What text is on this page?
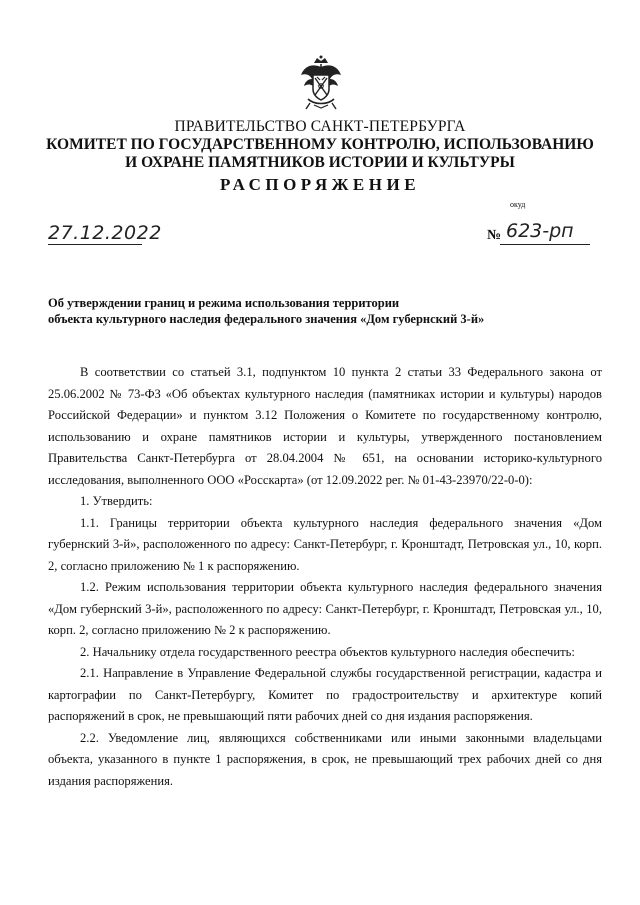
ПРАВИТЕЛЬСТВО САНКТ-ПЕТЕРБУРГА
КОМИТЕТ ПО ГОСУДАРСТВЕННОМУ КОНТРОЛЮ, ИСПОЛЬЗОВАНИЮ
И ОХРАНЕ ПАМЯТНИКОВ ИСТОРИИ И КУЛЬТУРЫ
РАСПОРЯЖЕНИЕ
окуд
27.12.2022	№ 623-рп
Об утверждении границ и режима использования территории
объекта культурного наследия федерального значения «Дом губернский 3-й»

В соответствии со статьей 3.1, подпунктом 10 пункта 2 статьи 33 Федерального закона от 25.06.2002 № 73-ФЗ «Об объектах культурного наследия (памятниках истории и культуры) народов Российской Федерации» и пунктом 3.12 Положения о Комитете по государственному контролю, использованию и охране памятников истории и культуры, утвержденного постановлением Правительства Санкт-Петербурга от 28.04.2004 № 651, на основании историко-культурного исследования, выполненного ООО «Росскарта» (от 12.09.2022 рег. № 01-43-23970/22-0-0):

1. Утвердить:

1.1. Границы территории объекта культурного наследия федерального значения «Дом губернский 3-й», расположенного по адресу: Санкт-Петербург, г. Кронштадт, Петровская ул., 10, корп. 2, согласно приложению № 1 к распоряжению.

1.2. Режим использования территории объекта культурного наследия федерального значения «Дом губернский 3-й», расположенного по адресу: Санкт-Петербург, г. Кронштадт, Петровская ул., 10, корп. 2, согласно приложению № 2 к распоряжению.

2. Начальнику отдела государственного реестра объектов культурного наследия обеспечить:

2.1. Направление в Управление Федеральной службы государственной регистрации, кадастра и картографии по Санкт-Петербургу, Комитет по градостроительству и архитектуре копий распоряжений в срок, не превышающий пяти рабочих дней со дня издания распоряжения.

2.2. Уведомление лиц, являющихся собственниками или иными законными владельцами объекта, указанного в пункте 1 распоряжения, в срок, не превышающий трех рабочих дней со дня издания распоряжения.
